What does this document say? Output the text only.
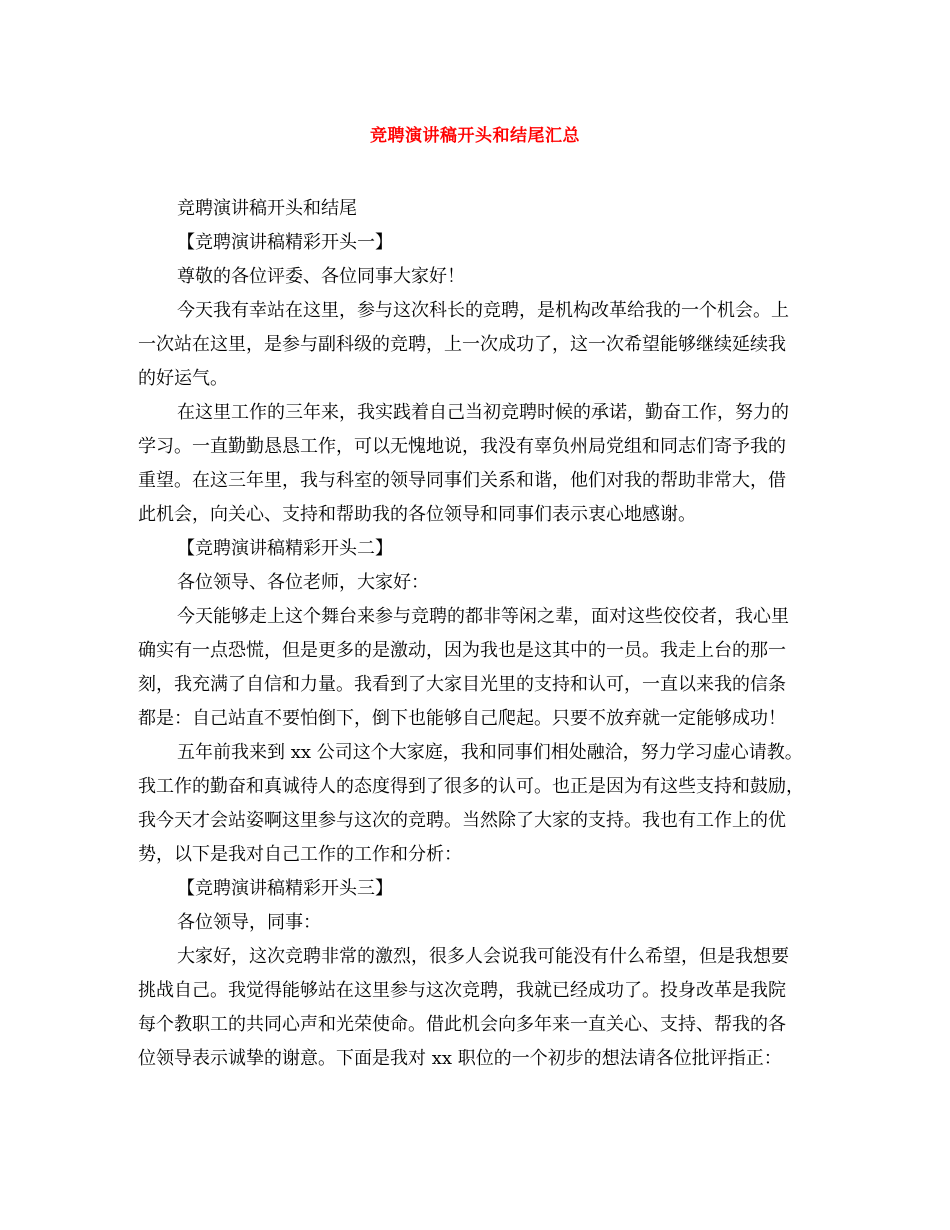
竞聘演讲稿开头和结尾汇总
竞聘演讲稿开头和结尾
【竞聘演讲稿精彩开头一】
尊敬的各位评委、各位同事大家好！
今天我有幸站在这里，参与这次科长的竞聘，是机构改革给我的一个机会。上
一次站在这里，是参与副科级的竞聘，上一次成功了，这一次希望能够继续延续我
的好运气。
在这里工作的三年来，我实践着自己当初竞聘时候的承诺，勤奋工作，努力的
学习。一直勤勤恳恳工作，可以无愧地说，我没有辜负州局党组和同志们寄予我的
重望。在这三年里，我与科室的领导同事们关系和谐，他们对我的帮助非常大，借
此机会，向关心、支持和帮助我的各位领导和同事们表示衷心地感谢。
【竞聘演讲稿精彩开头二】
各位领导、各位老师，大家好：
今天能够走上这个舞台来参与竞聘的都非等闲之辈，面对这些佼佼者，我心里
确实有一点恐慌，但是更多的是激动，因为我也是这其中的一员。我走上台的那一
刻，我充满了自信和力量。我看到了大家目光里的支持和认可，一直以来我的信条
都是：自己站直不要怕倒下，倒下也能够自己爬起。只要不放弃就一定能够成功！
五年前我来到 xx 公司这个大家庭，我和同事们相处融洽，努力学习虚心请教。
我工作的勤奋和真诚待人的态度得到了很多的认可。也正是因为有这些支持和鼓励，
我今天才会站姿啊这里参与这次的竞聘。当然除了大家的支持。我也有工作上的优
势，以下是我对自己工作的工作和分析：
【竞聘演讲稿精彩开头三】
各位领导，同事：
大家好，这次竞聘非常的激烈，很多人会说我可能没有什么希望，但是我想要
挑战自己。我觉得能够站在这里参与这次竞聘，我就已经成功了。投身改革是我院
每个教职工的共同心声和光荣使命。借此机会向多年来一直关心、支持、帮我的各
位领导表示诚挚的谢意。下面是我对 xx 职位的一个初步的想法请各位批评指正：
